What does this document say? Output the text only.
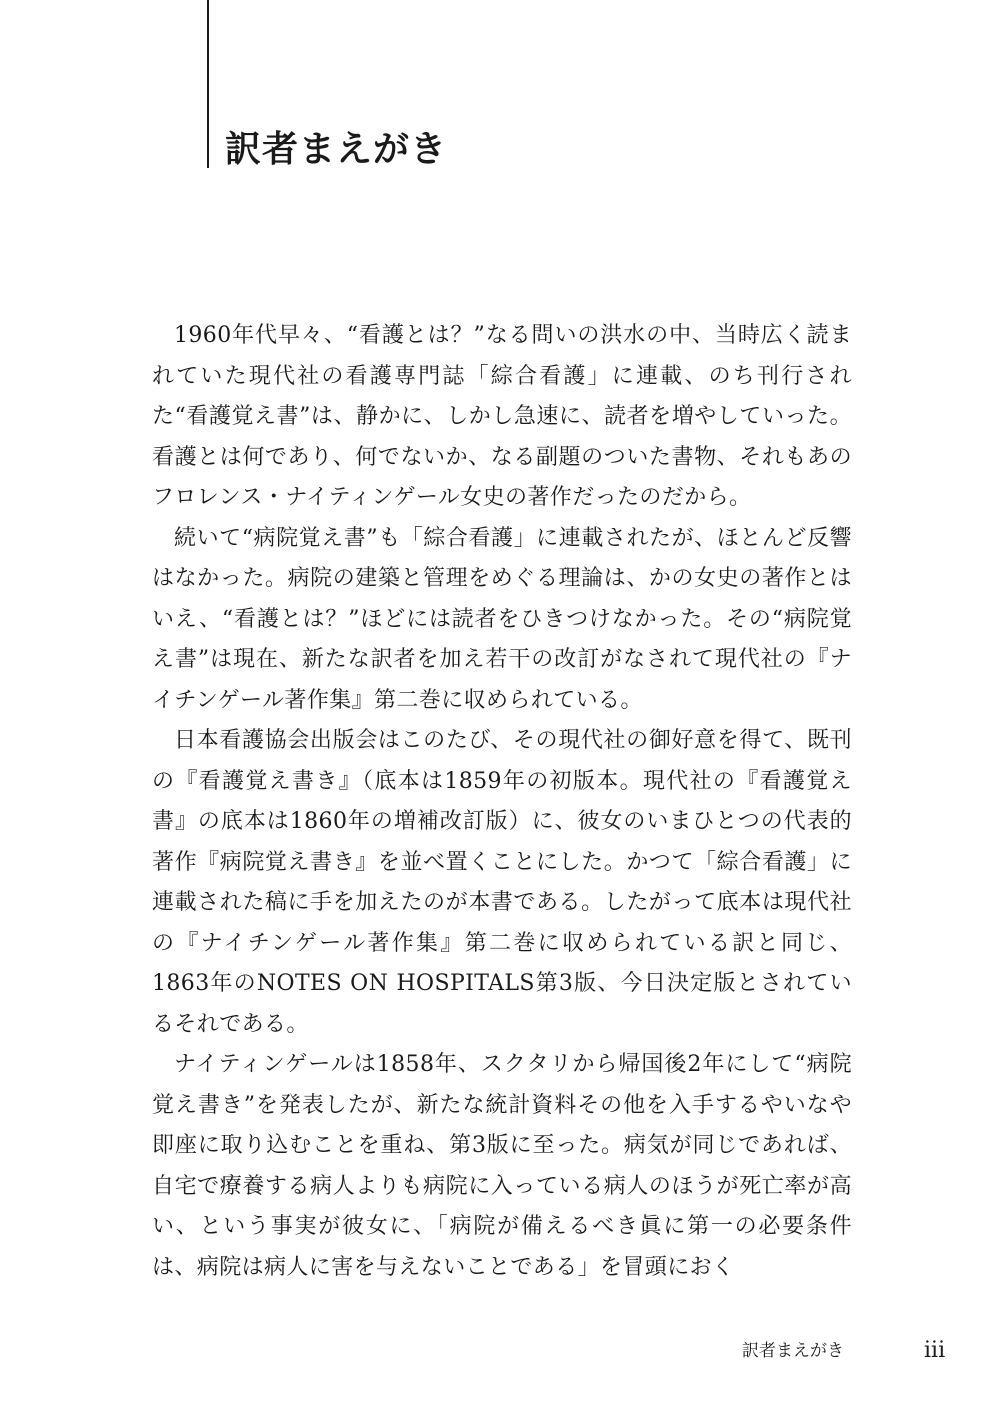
訳者まえがき

1960年代早々、“看護とは？”なる問いの洪水の中、当時広く読まれていた現代社の看護専門誌「綜合看護」に連載、のち刊行された“看護覚え書”は、静かに、しかし急速に、読者を増やしていった。看護とは何であり、何でないか、なる副題のついた書物、それもあのフロレンス・ナイティンゲール女史の著作だったのだから。

続いて“病院覚え書”も「綜合看護」に連載されたが、ほとんど反響はなかった。病院の建築と管理をめぐる理論は、かの女史の著作とはいえ、“看護とは？”ほどには読者をひきつけなかった。その“病院覚え書”は現在、新たな訳者を加え若干の改訂がなされて現代社の『ナイチンゲール著作集』第二巻に収められている。

日本看護協会出版会はこのたび、その現代社の御好意を得て、既刊の『看護覚え書き』（底本は1859年の初版本。現代社の『看護覚え書』の底本は1860年の増補改訂版）に、彼女のいまひとつの代表的著作『病院覚え書き』を並べ置くことにした。かつて「綜合看護」に連載された稿に手を加えたのが本書である。したがって底本は現代社の『ナイチンゲール著作集』第二巻に収められている訳と同じ、1863年のNOTES ON HOSPITALS第3版、今日決定版とされているそれである。

ナイティンゲールは1858年、スクタリから帰国後2年にして“病院覚え書き”を発表したが、新たな統計資料その他を入手するやいなや即座に取り込むことを重ね、第3版に至った。病気が同じであれば、自宅で療養する病人よりも病院に入っている病人のほうが死亡率が高い、という事実が彼女に、「病院が備えるべき眞に第一の必要条件は、病院は病人に害を与えないことである」を冒頭におく

訳者まえがき	iii
